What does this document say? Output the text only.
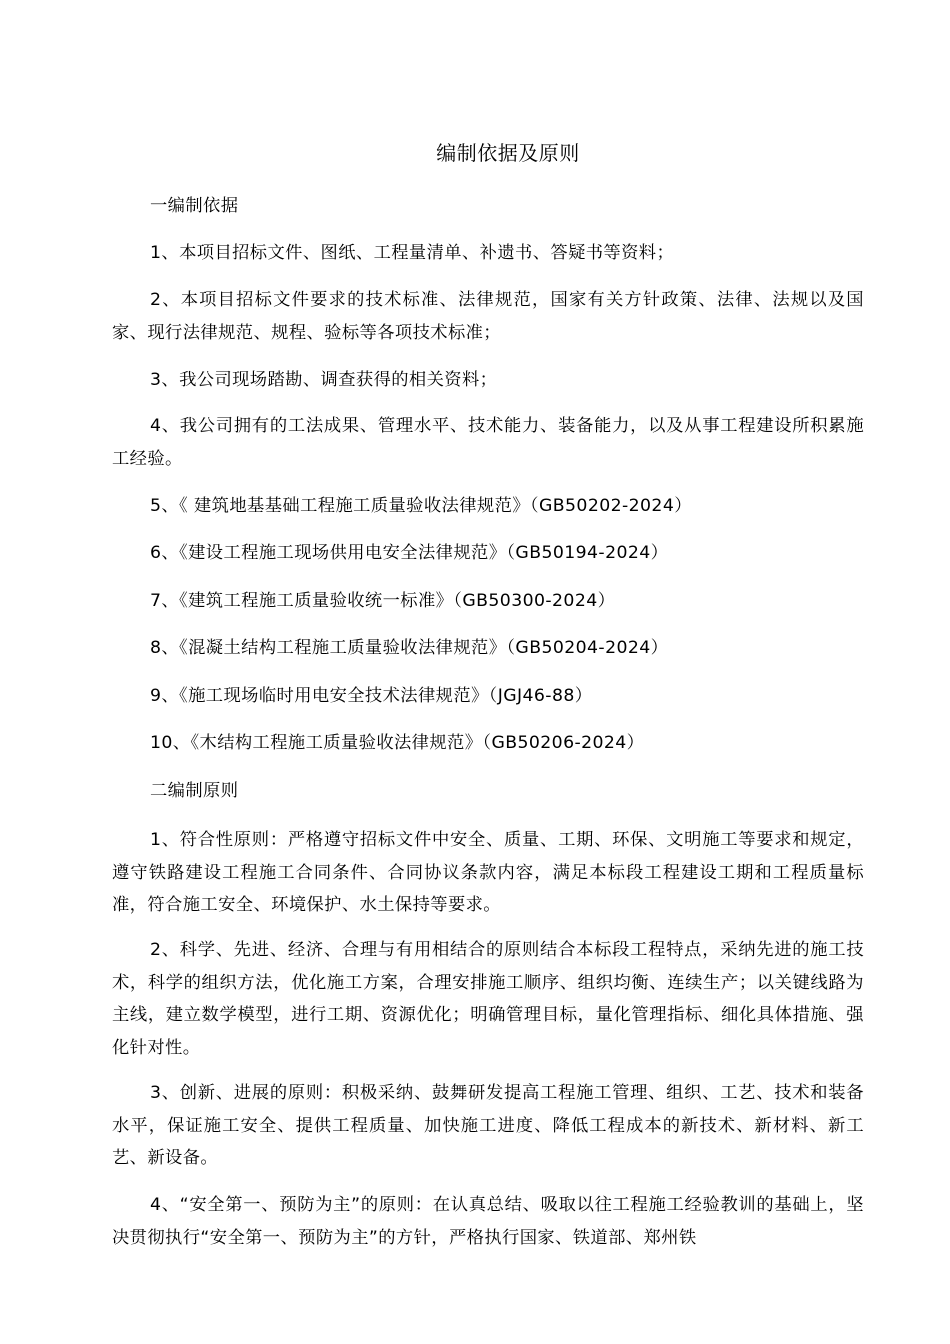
编制依据及原则
一编制依据
1、本项目招标文件、图纸、工程量清单、补遗书、答疑书等资料；
2、本项目招标文件要求的技术标准、法律规范，国家有关方针政策、法律、法规以及国家、现行法律规范、规程、验标等各项技术标准；
3、我公司现场踏勘、调查获得的相关资料；
4、我公司拥有的工法成果、管理水平、技术能力、装备能力，以及从事工程建设所积累施工经验。
5、《 建筑地基基础工程施工质量验收法律规范》（GB50202-2024）
6、《建设工程施工现场供用电安全法律规范》（GB50194-2024）
7、《建筑工程施工质量验收统一标准》（GB50300-2024）
8、《混凝土结构工程施工质量验收法律规范》（GB50204-2024）
9、《施工现场临时用电安全技术法律规范》（JGJ46-88）
10、《木结构工程施工质量验收法律规范》（GB50206-2024）
二编制原则
1、符合性原则：严格遵守招标文件中安全、质量、工期、环保、文明施工等要求和规定，遵守铁路建设工程施工合同条件、合同协议条款内容，满足本标段工程建设工期和工程质量标准，符合施工安全、环境保护、水土保持等要求。
2、科学、先进、经济、合理与有用相结合的原则结合本标段工程特点，采纳先进的施工技术，科学的组织方法，优化施工方案，合理安排施工顺序、组织均衡、连续生产；以关键线路为主线，建立数学模型，进行工期、资源优化；明确管理目标，量化管理指标、细化具体措施、强化针对性。
3、创新、进展的原则：积极采纳、鼓舞研发提高工程施工管理、组织、工艺、技术和装备水平，保证施工安全、提供工程质量、加快施工进度、降低工程成本的新技术、新材料、新工艺、新设备。
4、“安全第一、预防为主”的原则：在认真总结、吸取以往工程施工经验教训的基础上，坚决贯彻执行“安全第一、预防为主”的方针，严格执行国家、铁道部、郑州铁
